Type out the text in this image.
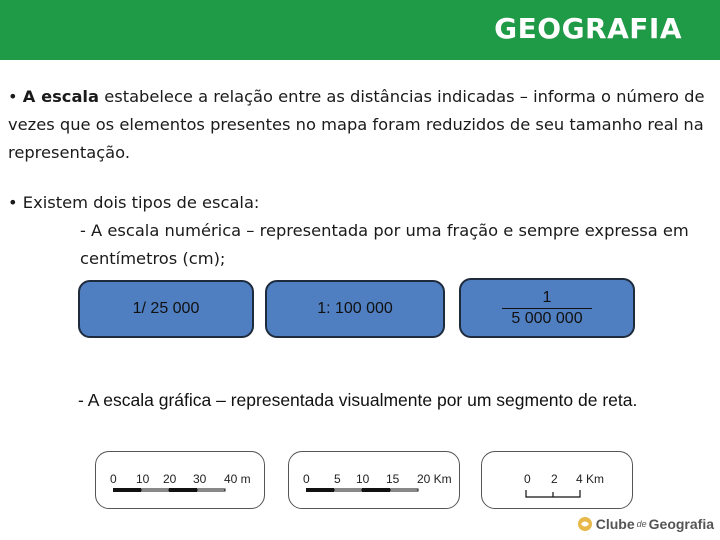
GEOGRAFIA
• A escala estabelece a relação entre as distâncias indicadas – informa o número de vezes que os elementos presentes no mapa foram reduzidos de seu tamanho real na representação.
• Existem dois tipos de escala:
- A escala numérica – representada por uma fração e sempre expressa em centímetros (cm);
1/ 25 000	1: 100 000	$\frac{1}{5 000 000}$
- A escala gráfica – representada visualmente por um segmento de reta.
0 10 20 30 40 m	0 5 10 15 20 Km	0 2 4 Km
Clube de Geografia
